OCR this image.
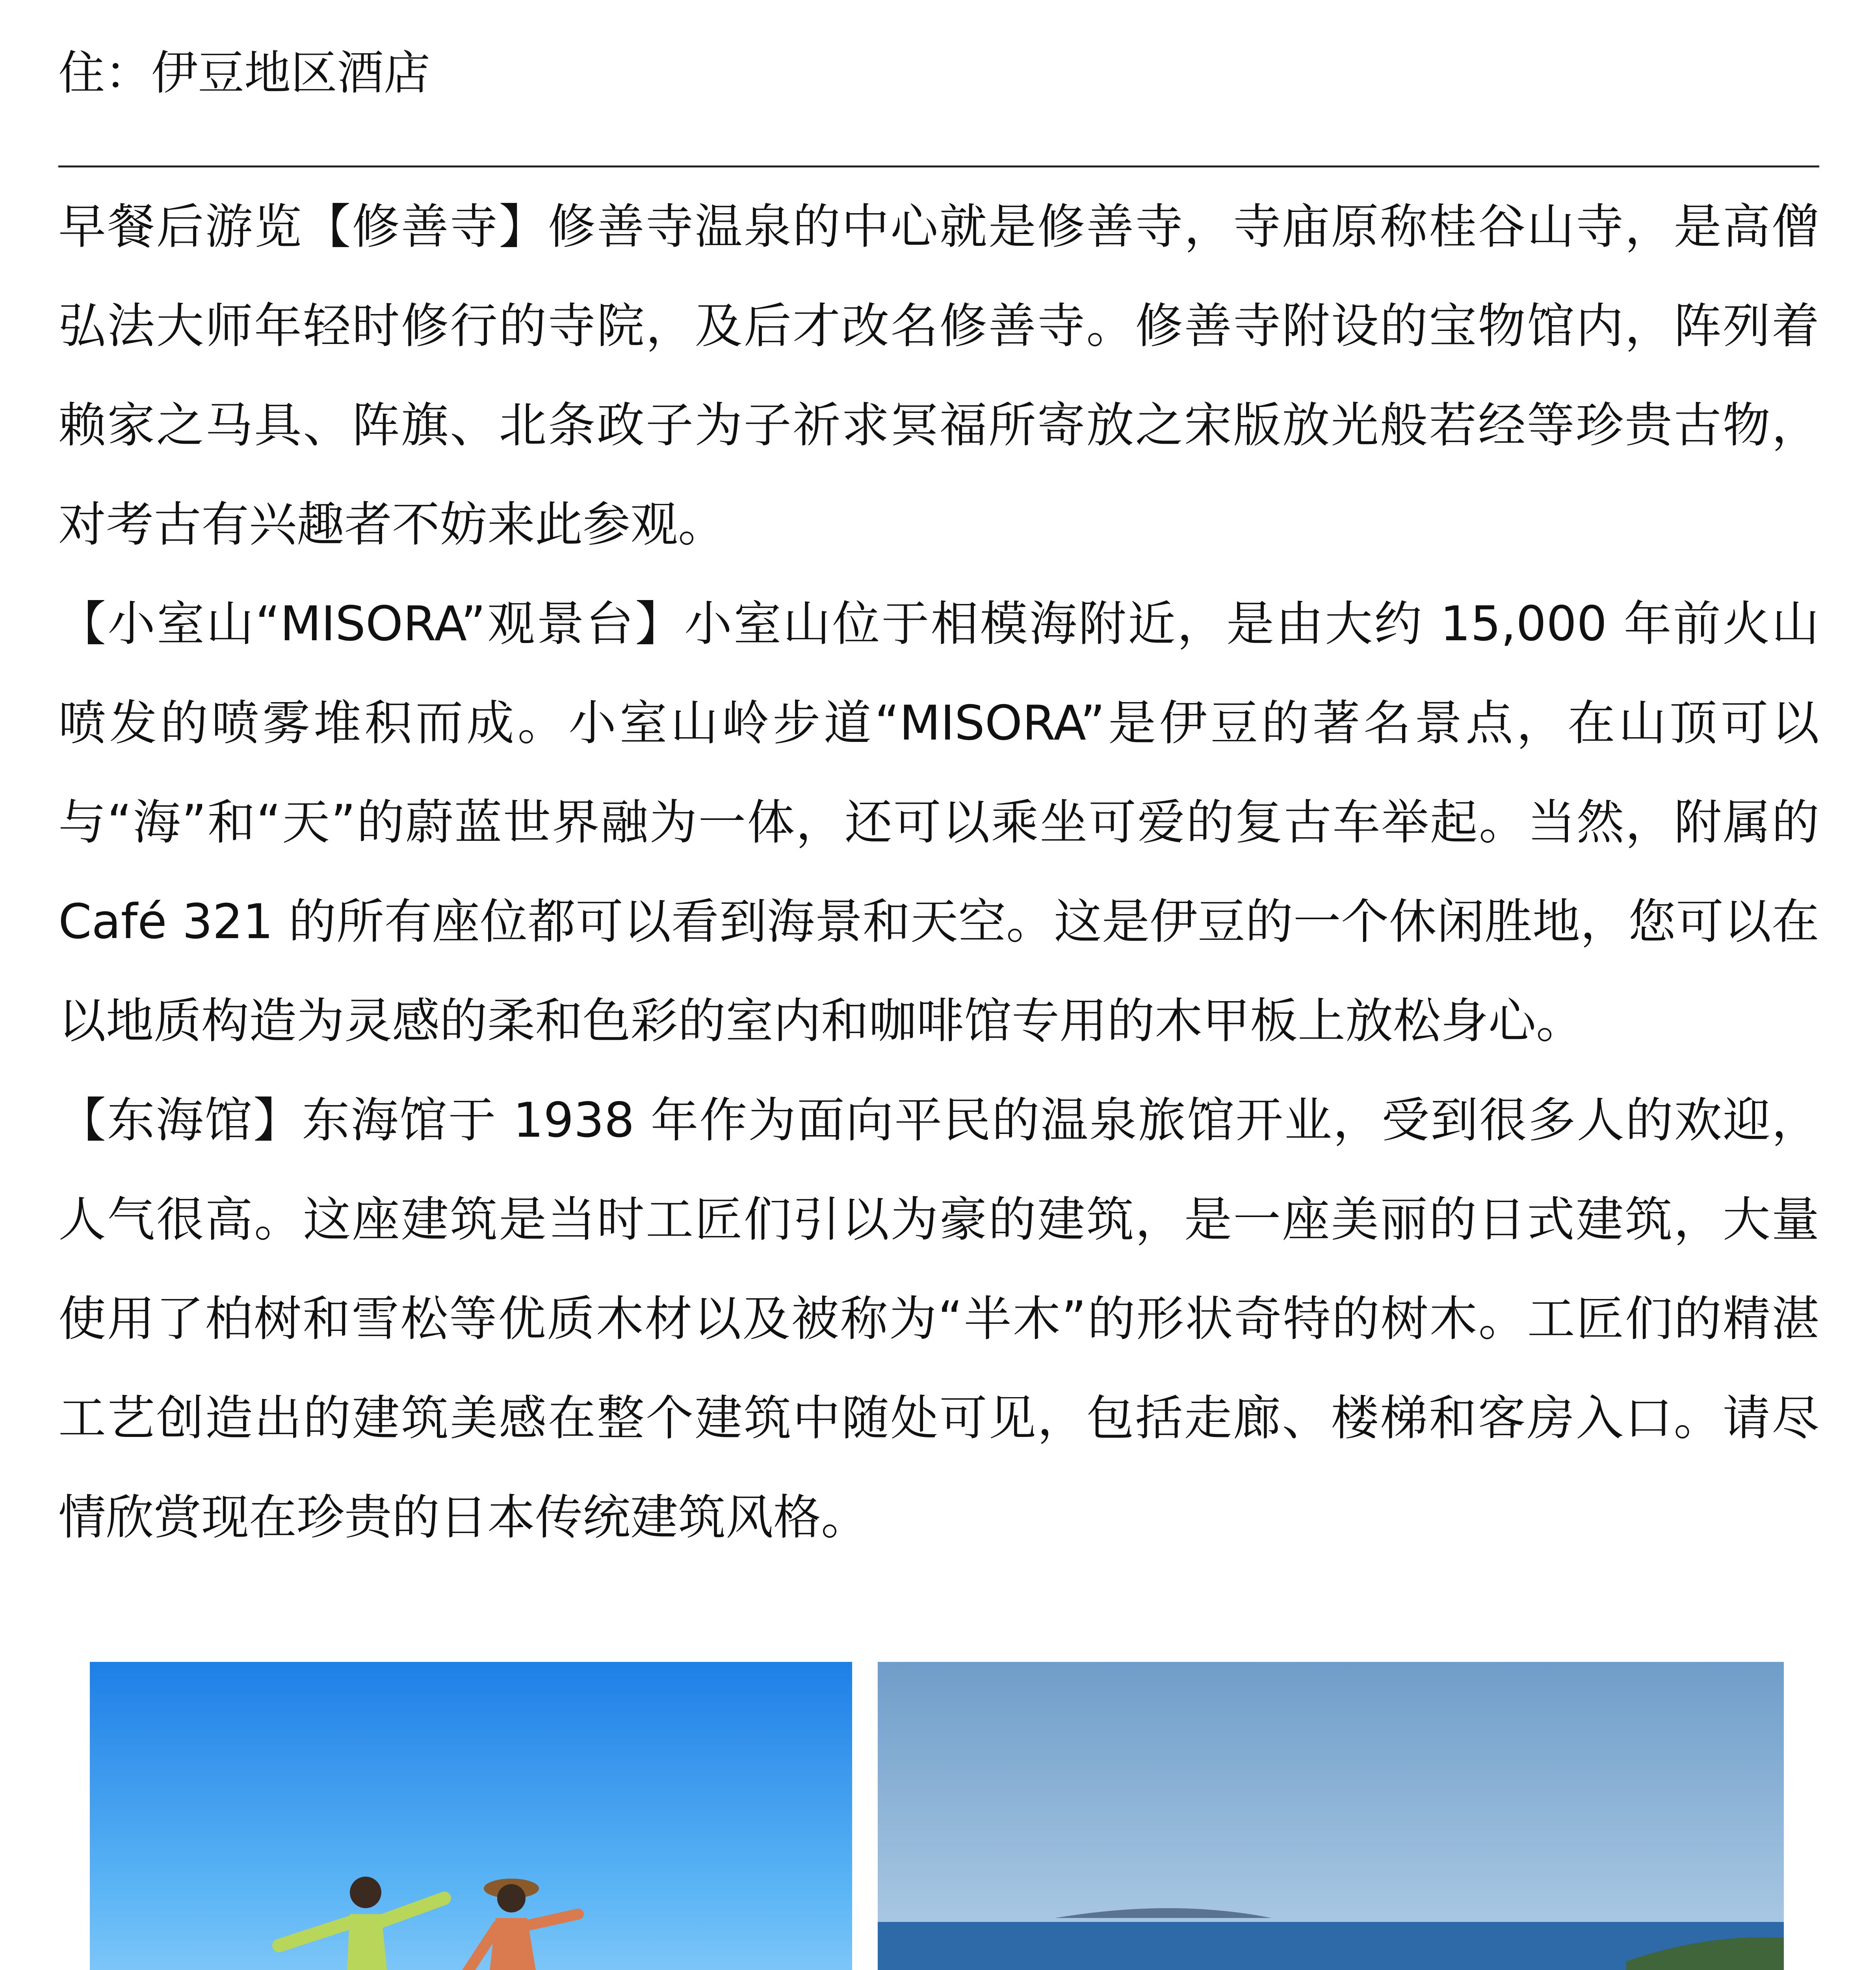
住：伊豆地区酒店

早餐后游览【修善寺】修善寺温泉的中心就是修善寺，寺庙原称桂谷山寺，是高僧弘法大师年轻时修行的寺院，及后才改名修善寺。修善寺附设的宝物馆内，阵列着赖家之马具、阵旗、北条政子为子祈求冥福所寄放之宋版放光般若经等珍贵古物，对考古有兴趣者不妨来此参观。

【小室山“MISORA”观景台】小室山位于相模海附近，是由大约 15,000 年前火山喷发的喷雾堆积而成。小室山岭步道“MISORA”是伊豆的著名景点，在山顶可以与“海”和“天”的蔚蓝世界融为一体，还可以乘坐可爱的复古车举起。当然，附属的 Café 321 的所有座位都可以看到海景和天空。这是伊豆的一个休闲胜地，您可以在以地质构造为灵感的柔和色彩的室内和咖啡馆专用的木甲板上放松身心。

【东海馆】东海馆于 1938 年作为面向平民的温泉旅馆开业，受到很多人的欢迎，人气很高。这座建筑是当时工匠们引以为豪的建筑，是一座美丽的日式建筑，大量使用了柏树和雪松等优质木材以及被称为“半木”的形状奇特的树木。工匠们的精湛工艺创造出的建筑美感在整个建筑中随处可见，包括走廊、楼梯和客房入口。请尽情欣赏现在珍贵的日本传统建筑风格。
